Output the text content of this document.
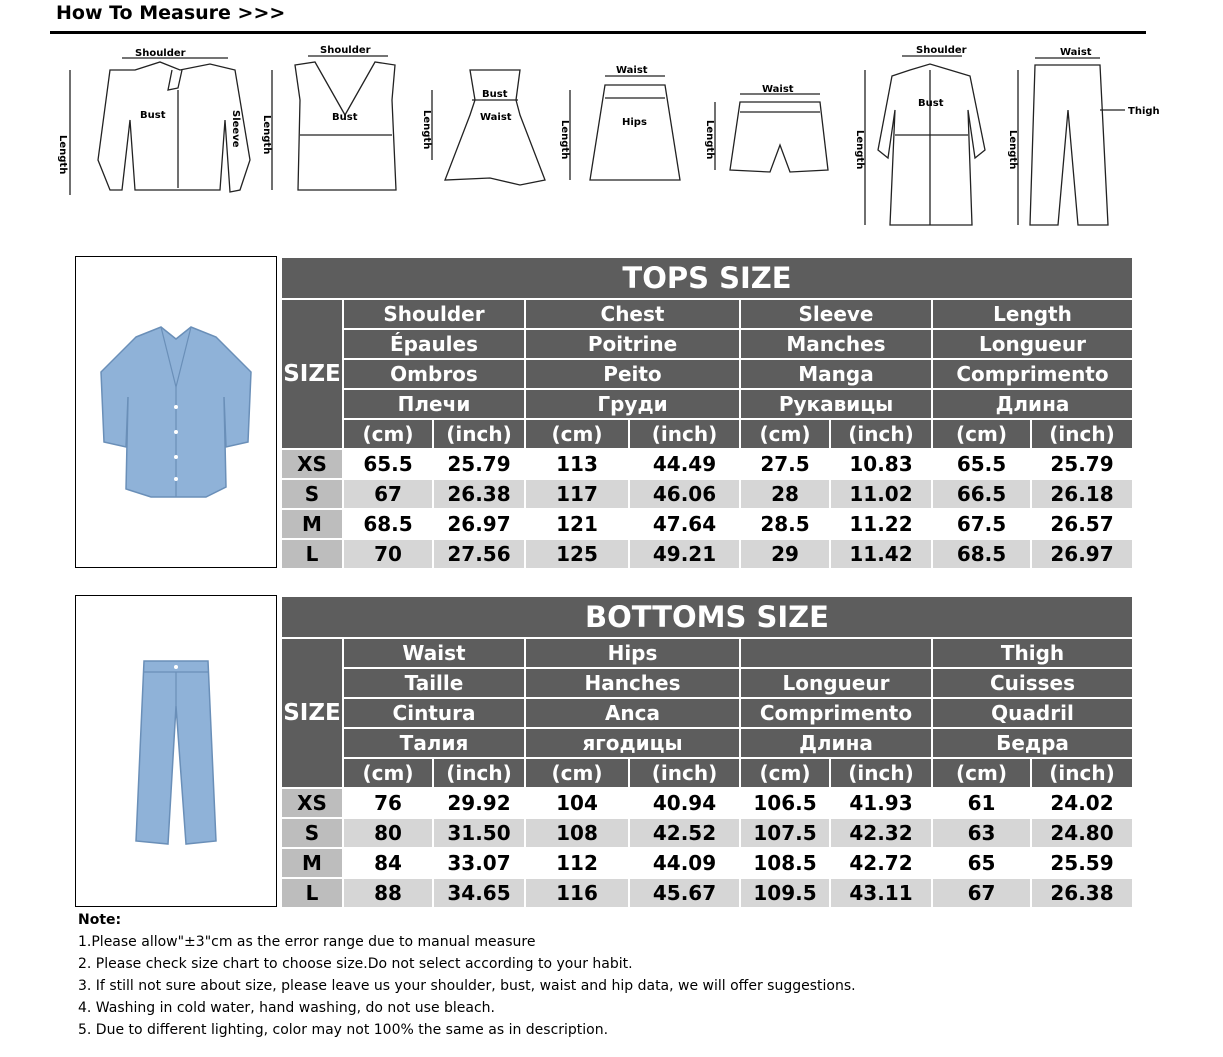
How To Measure >>>
Shoulder
Bust	Sleeve
Length
Shoulder
Bust
Length
Bust
Waist
Length
Waist
Hips
Length
Waist
Length
Shoulder
Bust
Length
Waist
Thigh
Length
TOPS SIZE								
SIZE	Shoulder		Chest		Sleeve		Length	
	Épaules		Poitrine		Manches		Longueur	
	Ombros		Peito		Manga		Comprimento	
	Плечи		Груди		Рукавицы		Длина	
	(cm)	(inch)	(cm)	(inch)	(cm)	(inch)	(cm)	(inch)
XS	65.5	25.79	113	44.49	27.5	10.83	65.5	25.79
S	67	26.38	117	46.06	28	11.02	66.5	26.18
M	68.5	26.97	121	47.64	28.5	11.22	67.5	26.57
L	70	27.56	125	49.21	29	11.42	68.5	26.97
BOTTOMS SIZE								
SIZE	Waist		Hips				Thigh	
	Taille		Hanches		Longueur		Cuisses	
	Cintura		Anca		Comprimento		Quadril	
	Талия		ягодицы		Длина		Бедра	
	(cm)	(inch)	(cm)	(inch)	(cm)	(inch)	(cm)	(inch)
XS	76	29.92	104	40.94	106.5	41.93	61	24.02
S	80	31.50	108	42.52	107.5	42.32	63	24.80
M	84	33.07	112	44.09	108.5	42.72	65	25.59
L	88	34.65	116	45.67	109.5	43.11	67	26.38
Note:
1.Please allow"±3"cm as the error range due to manual measure
2. Please check size chart to choose size.Do not select according to your habit.
3. If still not sure about size, please leave us your shoulder, bust, waist and hip data, we will offer suggestions.
4. Washing in cold water, hand washing, do not use bleach.
5. Due to different lighting, color may not 100% the same as in description.
